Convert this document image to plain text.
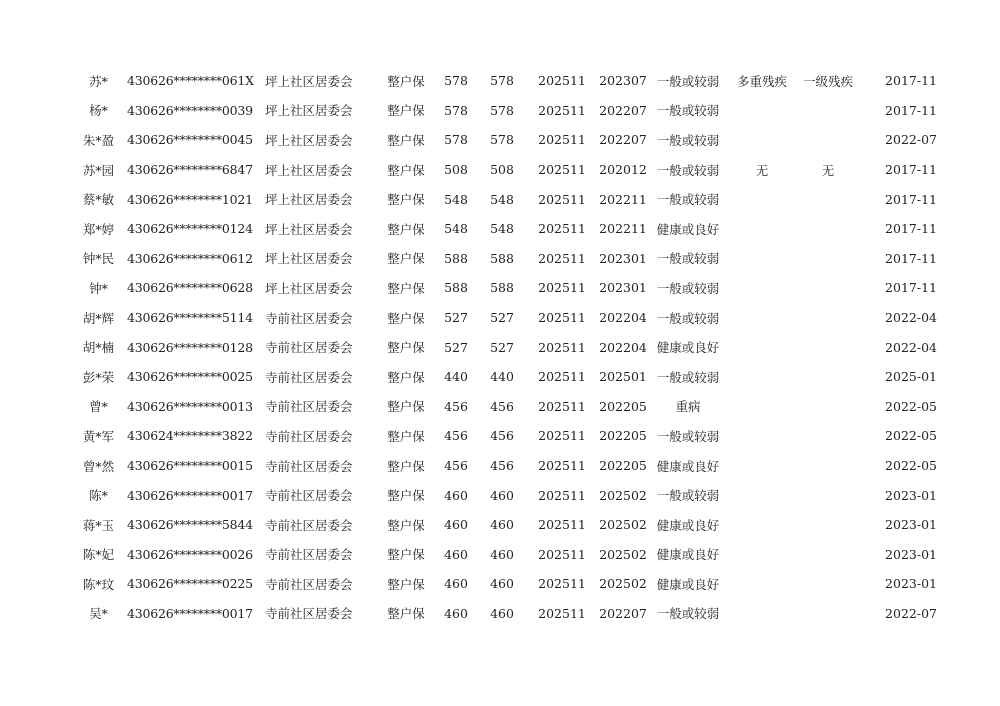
苏*	430626********061X	坪上社区居委会	整户保	578	578	202511	202307	一般或较弱	多重残疾	一级残疾	2017-11
杨*	430626********0039	坪上社区居委会	整户保	578	578	202511	202207	一般或较弱			2017-11
朱*盈	430626********0045	坪上社区居委会	整户保	578	578	202511	202207	一般或较弱			2022-07
苏*园	430626********6847	坪上社区居委会	整户保	508	508	202511	202012	一般或较弱	无	无	2017-11
蔡*敏	430626********1021	坪上社区居委会	整户保	548	548	202511	202211	一般或较弱			2017-11
郑*婷	430626********0124	坪上社区居委会	整户保	548	548	202511	202211	健康或良好			2017-11
钟*民	430626********0612	坪上社区居委会	整户保	588	588	202511	202301	一般或较弱			2017-11
钟*	430626********0628	坪上社区居委会	整户保	588	588	202511	202301	一般或较弱			2017-11
胡*辉	430626********5114	寺前社区居委会	整户保	527	527	202511	202204	一般或较弱			2022-04
胡*楠	430626********0128	寺前社区居委会	整户保	527	527	202511	202204	健康或良好			2022-04
彭*荣	430626********0025	寺前社区居委会	整户保	440	440	202511	202501	一般或较弱			2025-01
曾*	430626********0013	寺前社区居委会	整户保	456	456	202511	202205	重病			2022-05
黄*军	430624********3822	寺前社区居委会	整户保	456	456	202511	202205	一般或较弱			2022-05
曾*然	430626********0015	寺前社区居委会	整户保	456	456	202511	202205	健康或良好			2022-05
陈*	430626********0017	寺前社区居委会	整户保	460	460	202511	202502	一般或较弱			2023-01
蒋*玉	430626********5844	寺前社区居委会	整户保	460	460	202511	202502	健康或良好			2023-01
陈*妃	430626********0026	寺前社区居委会	整户保	460	460	202511	202502	健康或良好			2023-01
陈*玟	430626********0225	寺前社区居委会	整户保	460	460	202511	202502	健康或良好			2023-01
吴*	430626********0017	寺前社区居委会	整户保	460	460	202511	202207	一般或较弱			2022-07
